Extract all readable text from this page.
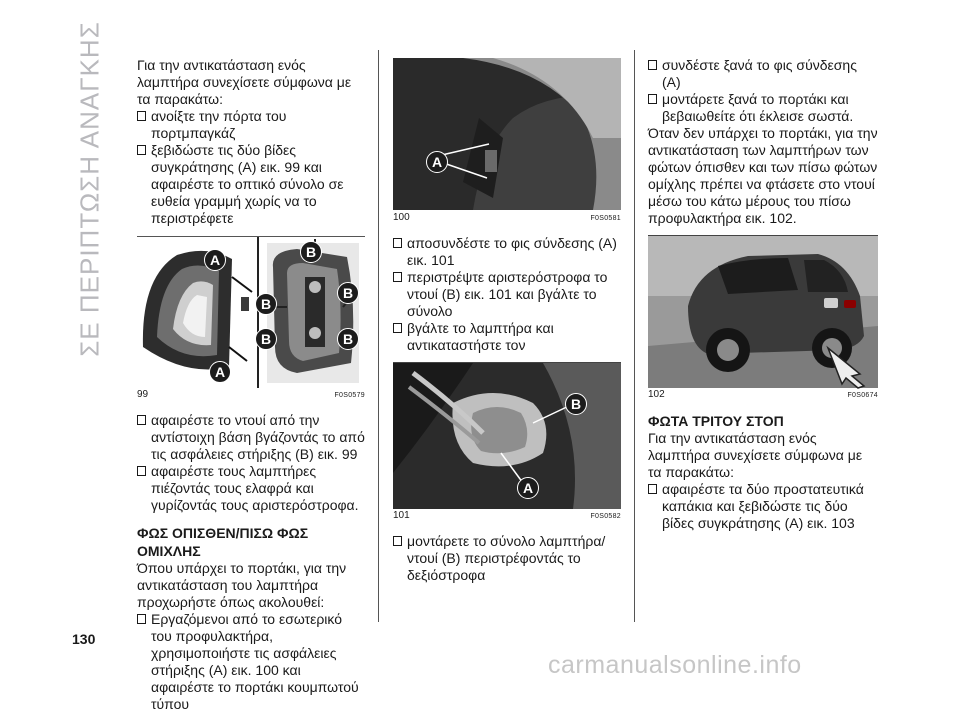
ΣΕ ΠΕΡΙΠΤΩΣΗ ΑΝΑΓΚΗΣ Για την αντικατάσταση ενός λαμπτήρα συνεχίσετε σύμφωνα με τα παρακάτω:

ανοίξτε την πόρτα του πορτμπαγκάζ
ξεβιδώστε τις δύο βίδες συγκράτησης (A) εικ. 99 και αφαιρέστε το οπτικό σύνολο σε ευθεία γραμμή χωρίς να το περιστρέφετε
A
A
B
B
B
B	B
99	F0S0579
αφαιρέστε το ντουί από την αντίστοιχη βάση βγάζοντάς το από τις ασφάλειες στήριξης (B) εικ. 99
αφαιρέστε τους λαμπτήρες πιέζοντάς τους ελαφρά και γυρίζοντάς τους αριστερόστροφα.

ΦΩΣ ΟΠΙΣΘΕΝ/ΠΙΣΩ ΦΩΣ ΟΜΙΧΛΗΣ

Όπου υπάρχει το πορτάκι, για την αντικατάσταση του λαμπτήρα προχωρήστε όπως ακολουθεί:

Εργαζόμενοι από το εσωτερικό του προφυλακτήρα, χρησιμοποιήστε τις ασφάλειες στήριξης (A) εικ. 100 και αφαιρέστε το πορτάκι κουμπωτού τύπου
A
100	F0S0581
αποσυνδέστε το φις σύνδεσης (A) εικ. 101
περιστρέψτε αριστερόστροφα το ντουί (B) εικ. 101 και βγάλτε το σύνολο
βγάλτε το λαμπτήρα και αντικαταστήστε τον
B
A
101	F0S0582
μοντάρετε το σύνολο λαμπτήρα/ντουί (B) περιστρέφοντάς το δεξιόστροφα
συνδέστε ξανά το φις σύνδεσης (A)
μοντάρετε ξανά το πορτάκι και βεβαιωθείτε ότι έκλεισε σωστά.

Όταν δεν υπάρχει το πορτάκι, για την αντικατάσταση των λαμπτήρων των φώτων όπισθεν και των πίσω φώτων ομίχλης πρέπει να φτάσετε στο ντουί μέσω του κάτω μέρους του πίσω προφυλακτήρα εικ. 102.

102	F0S0674

ΦΩΤΑ ΤΡΙΤΟΥ ΣΤΟΠ

Για την αντικατάσταση ενός λαμπτήρα συνεχίσετε σύμφωνα με τα παρακάτω:

αφαιρέστε τα δύο προστατευτικά καπάκια και ξεβιδώστε τις δύο βίδες συγκράτησης (A) εικ. 103
130
carmanualsonline.info
